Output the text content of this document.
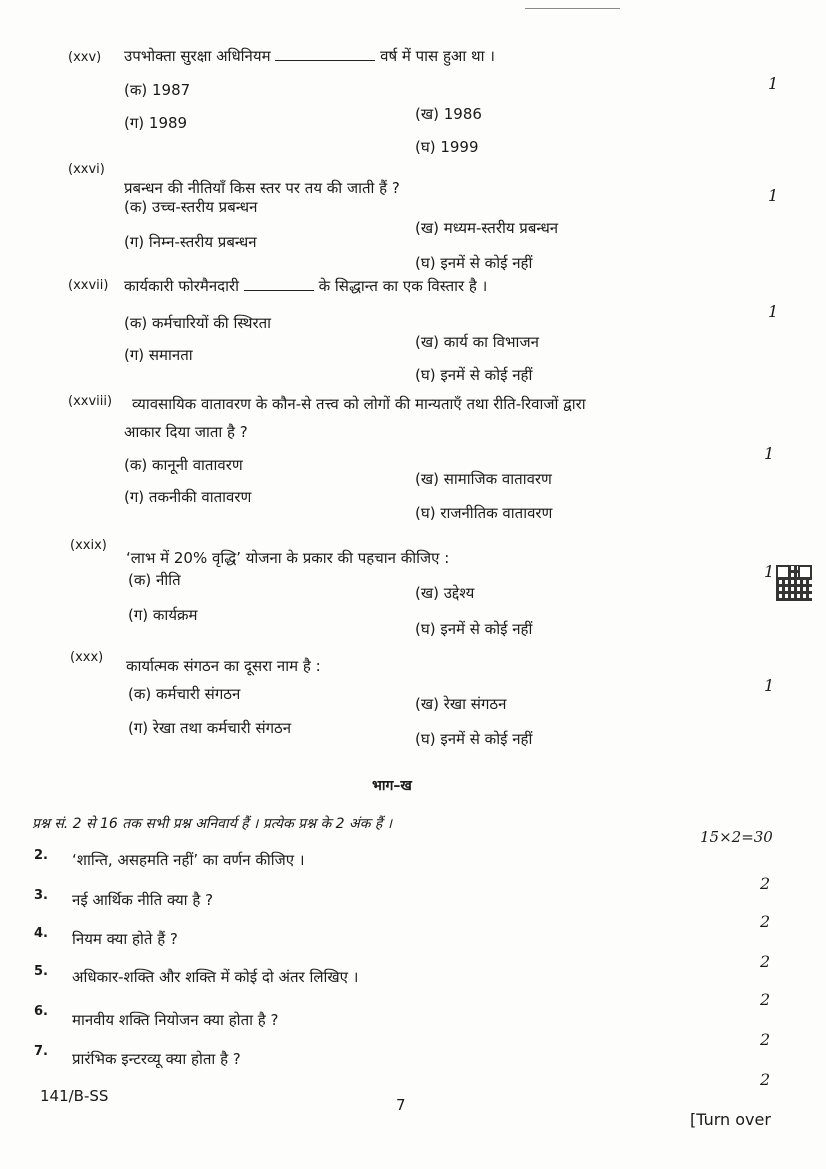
(xxv) उपभोक्ता सुरक्षा अधिनियम	वर्ष में पास हुआ था ।
1
(क) 1987
(ख) 1986
(ग) 1989
(घ) 1999
(xxvi)
प्रबन्धन की नीतियाँ किस स्तर पर तय की जाती हैं ?	1
(क) उच्च-स्तरीय प्रबन्धन
(ख) मध्यम-स्तरीय प्रबन्धन
(ग) निम्न-स्तरीय प्रबन्धन
(घ) इनमें से कोई नहीं
(xxvii) कार्यकारी फोरमैनदारी	के सिद्धान्त का एक विस्तार है ।
1
(क) कर्मचारियों की स्थिरता
(ख) कार्य का विभाजन
(ग) समानता
(घ) इनमें से कोई नहीं
(xxviii) व्यावसायिक वातावरण के कौन-से तत्त्व को लोगों की मान्यताएँ तथा रीति-रिवाजों द्वारा
आकार दिया जाता है ?
1
(क) कानूनी वातावरण
(ख) सामाजिक वातावरण
(ग) तकनीकी वातावरण
(घ) राजनीतिक वातावरण
(xxix)
‘लाभ में 20% वृद्धि’ योजना के प्रकार की पहचान कीजिए :
1
(क) नीति
(ख) उद्देश्य
(ग) कार्यक्रम
(घ) इनमें से कोई नहीं
(xxx) कार्यात्मक संगठन का दूसरा नाम है :
1
(क) कर्मचारी संगठन
(ख) रेखा संगठन
(ग) रेखा तथा कर्मचारी संगठन
(घ) इनमें से कोई नहीं
भाग–ख
प्रश्न सं. 2 से 16 तक सभी प्रश्न अनिवार्य हैं । प्रत्येक प्रश्न के 2 अंक हैं ।
15×2=30
2. ‘शान्ति, असहमति नहीं’ का वर्णन कीजिए ।
2
3. नई आर्थिक नीति क्या है ?
2
4. नियम क्या होते हैं ?
2
5. अधिकार-शक्ति और शक्ति में कोई दो अंतर लिखिए ।
2
6. मानवीय शक्ति नियोजन क्या होता है ?
2
7. प्रारंभिक इन्टरव्यू क्या होता है ?
2
141/B-SS	7
[Turn over
